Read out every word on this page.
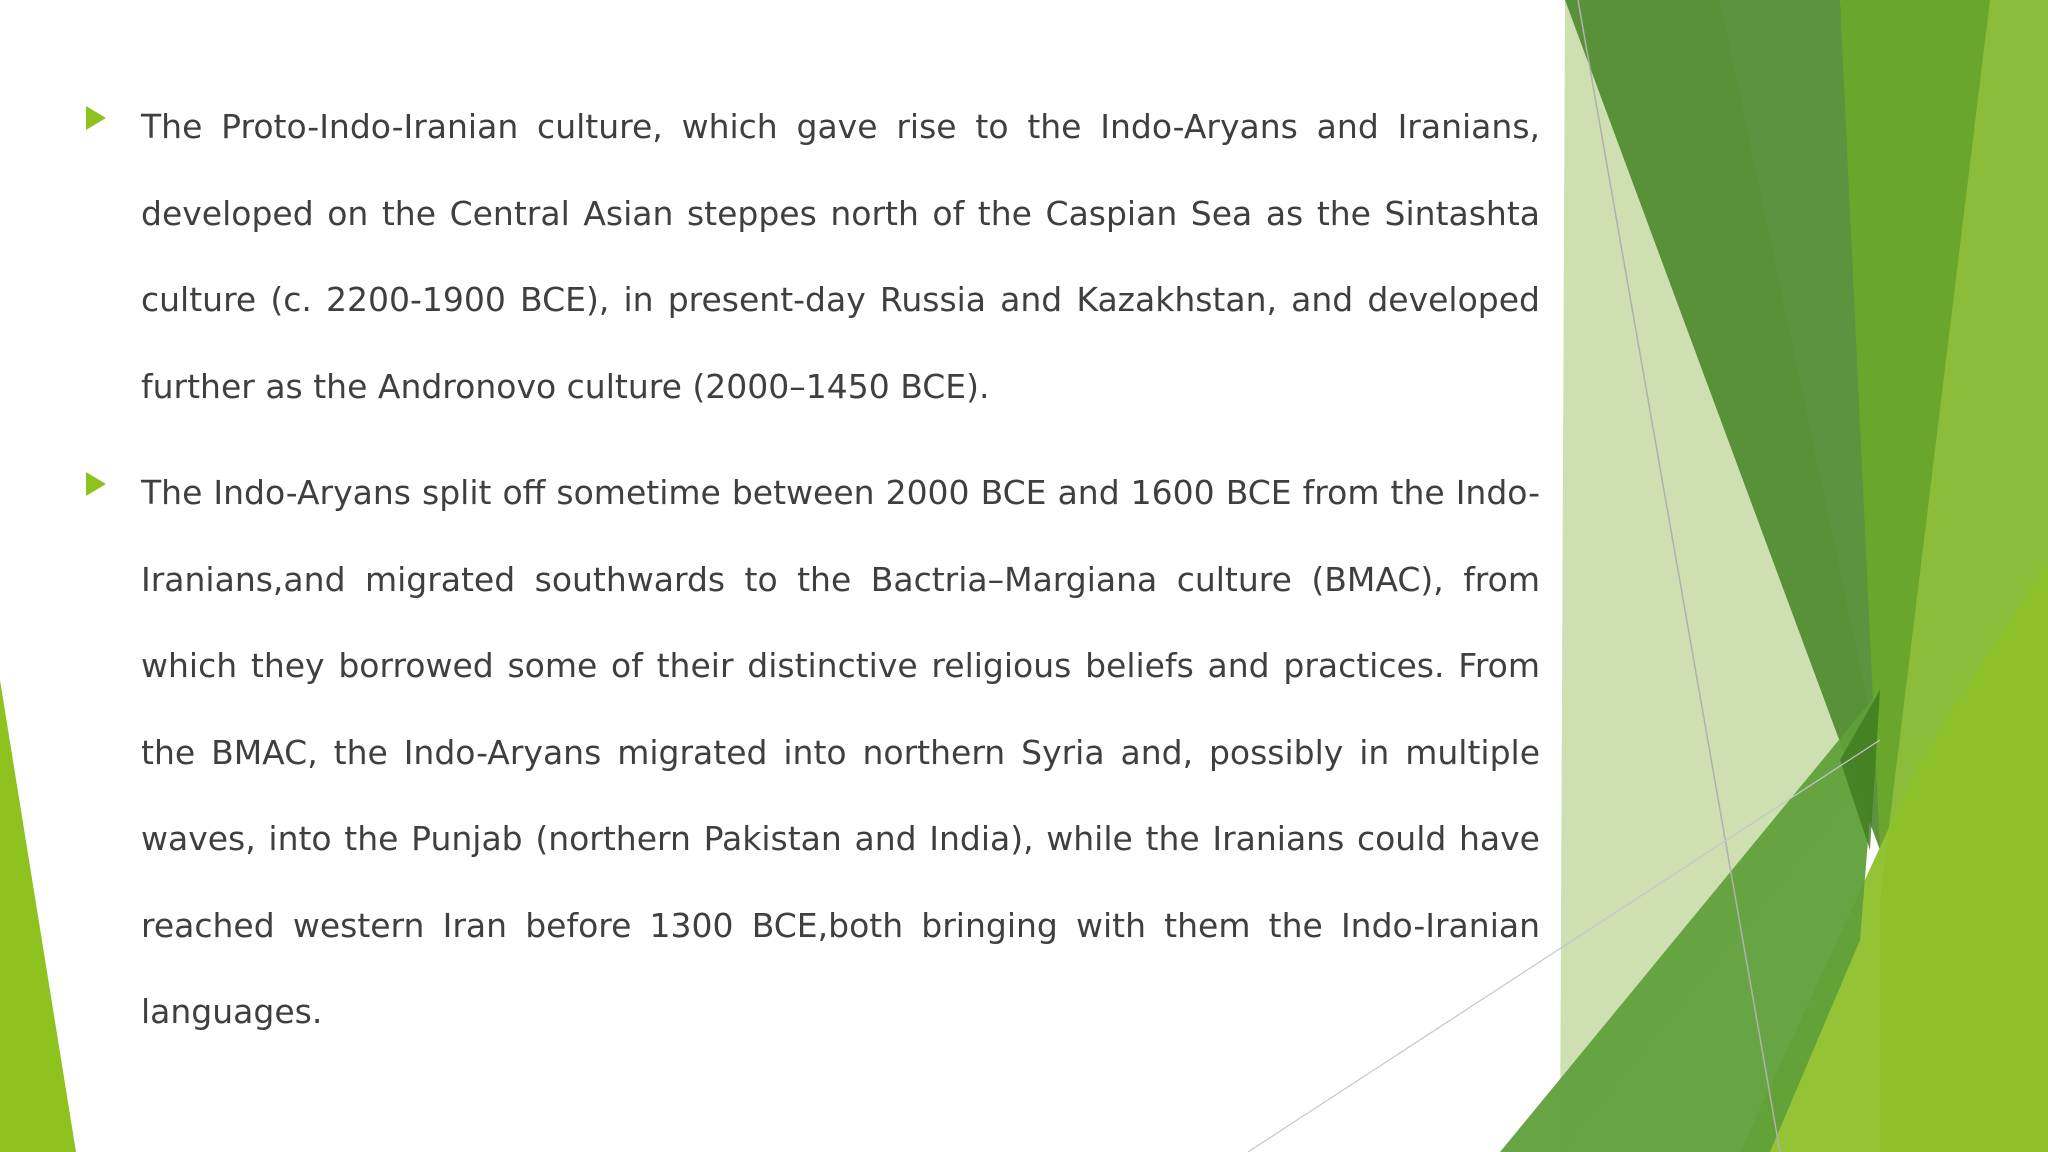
The Proto-Indo-Iranian culture, which gave rise to the Indo-Aryans and Iranians, developed on the Central Asian steppes north of the Caspian Sea as the Sintashta culture (c. 2200-1900 BCE), in present-day Russia and Kazakhstan, and developed further as the Andronovo culture (2000–1450 BCE).

The Indo-Aryans split off sometime between 2000 BCE and 1600 BCE from the Indo-Iranians,and migrated southwards to the Bactria–Margiana culture (BMAC), from which they borrowed some of their distinctive religious beliefs and practices. From the BMAC, the Indo-Aryans migrated into northern Syria and, possibly in multiple waves, into the Punjab (northern Pakistan and India), while the Iranians could have reached western Iran before 1300 BCE,both bringing with them the Indo-Iranian languages.
